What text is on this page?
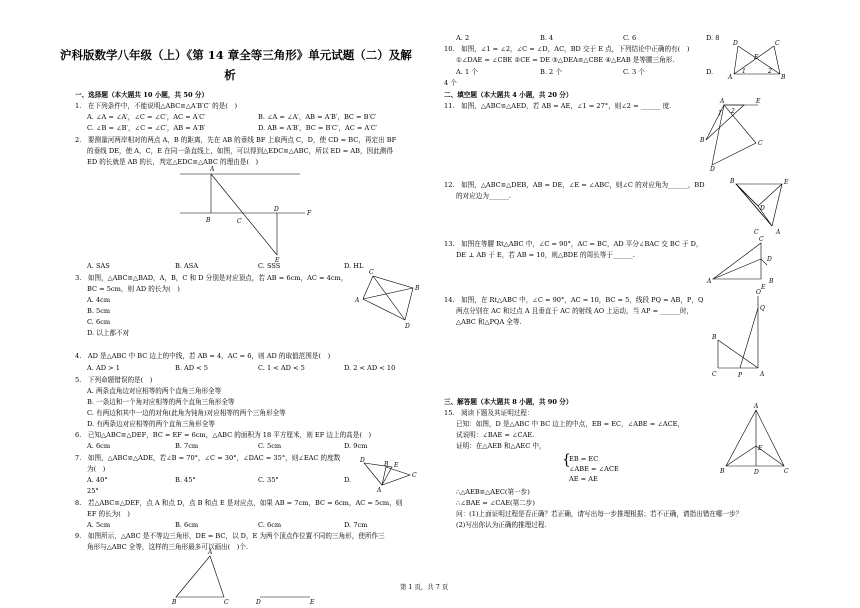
沪科版数学八年级（上）《第 14 章全等三角形》单元试题（二）及解
析
一、选择题（本大题共 10 小题，共 50 分）
1.　在下列条件中，不能说明△ABC≌△A′B′C′ 的是(　)
A. ∠A = ∠A′，∠C = ∠C′，AC = A′C′	B. ∠A = ∠A′，AB = A′B′，BC = B′C′
C. ∠B = ∠B′，∠C = ∠C′，AB = A′B′	D. AB = A′B′，BC = B′C′，AC = A′C′
2.　要测量河两岸相对的两点 A，B 的距离，先在 AB 的垂线 BF 上取两点 C，D，使 CD = BC，再定出 BF
的垂线 DE，使 A，C，E 在同一条直线上，如图，可以得到△EDC≌△ABC，所以 ED = AB，因此测得
ED 的长就是 AB 的长，判定△EDC≌△ABC 的理由是(　)
A
B	C
D
F
E
A. SAS	B. ASA	C. SSS	D. HL
3.　如图，△ABC≌△BAD，A，B，C 和 D 分别是对应顶点，若 AB = 6cm，AC = 4cm，
BC = 5cm，则 AD 的长为(　)
A. 4cm
B. 5cm
C. 6cm
D. 以上都不对
C
A
B
D
4.　AD 是△ABC 中 BC 边上的中线，若 AB = 4，AC = 6，则 AD 的取值范围是(　)
A. AD > 1	B. AD < 5	C. 1 < AD < 5	D. 2 < AD < 10
5.　下列命题错误的是(　)
A. 两条直角边对应相等的两个直角三角形全等
B. 一条边和一个角对应相等的两个直角三角形全等
C. 有两边和其中一边的对角(此角为钝角)对应相等的两个三角形全等
D. 有两条边对应相等的两个直角三角形全等
6.　已知△ABC≌△DEF，BC = EF = 6cm，△ABC 的面积为 18 平方厘米，则 EF 边上的高是(　)
A. 6cm	B. 7cm	C. 5cm	D. 9cm
7.　如图，△ABC≌△ADE，若∠B = 70°，∠C = 30°，∠DAC = 35°，则∠EAC 的度数
为(　)
A. 40°	B. 45°	C. 35°	D.
25°
D
E
C
B
A
8.　若△ABC≌△DEF，点 A 和点 D，点 B 和点 E 是对应点，如果 AB = 7cm，BC = 6cm，AC = 5cm，则
EF 的长为(　)
A. 5cm	B. 6cm	C. 6cm	D. 7cm
9.　如图所示，△ABC 是不等边三角形，DE = BC，以 D，E 为两个顶点作位置不同的三角形，使所作三
角形与△ABC 全等，这样的三角形最多可以画出(　)个.
A
B	C	D	E
A. 2	B. 4	C. 6	D. 8
10.　如图，∠1 = ∠2，∠C = ∠D，AC，BD 交于 E 点，下列结论中正确的有(　)
①∠DAE = ∠CBE ②CE = DE ③△DEA≌△CBE ④△EAB 是等腰三角形.
A. 1 个	B. 2 个	C. 3 个	D.
4 个
D	C
E
A	B
1	2
二、填空题（本大题共 4 小题，共 20 分）
11.　如图，△ABC≌△AED，若 AB = AE，∠1 = 27°，则∠2 = ______ 度.
A	E
B	C
D
1 2
12.　如图，△ABC≌△DEB，AB = DE，∠E = ∠ABC，则∠C 的对应角为______，BD
的对应边为______.
B	E
D
C	A
13.　如图在等腰 Rt△ABC 中，∠C = 90°，AC = BC，AD 平分∠BAC 交 BC 于 D，
DE ⊥ AB 于 E，若 AB = 10，则△BDE 的周长等于______.
C
D
A
E
B
14.　如图，在 Rt△ABC 中，∠C = 90°，AC = 10，BC = 5，线段 PQ = AB，P，Q
两点分别在 AC 和过点 A 且垂直于 AC 的射线 AO 上运动，当 AP = ______时，
△ABC 和△PQA 全等.
O
Q
B
C	P	A
三、解答题（本大题共 8 小题，共 90 分）
15.　阅读下题及其证明过程：
已知：如图，D 是△ABC 中 BC 边上的中点，EB = EC，∠ABE = ∠ACE，
试说明：∠BAE = ∠CAE.
证明：在△AEB 和△AEC 中，
{
EB = EC
∠ABE = ∠ACE
AE = AE
∴△AEB≌△AEC(第一步)
∴∠BAE = ∠CAE(第二步)
问：(1)上面证明过程是否正确？若正确，请写出每一步推理根据；若不正确，请指出错在哪一步？
(2)写出你认为正确的推理过程.
A
E
B	D	C
第 1 页，共 7 页
